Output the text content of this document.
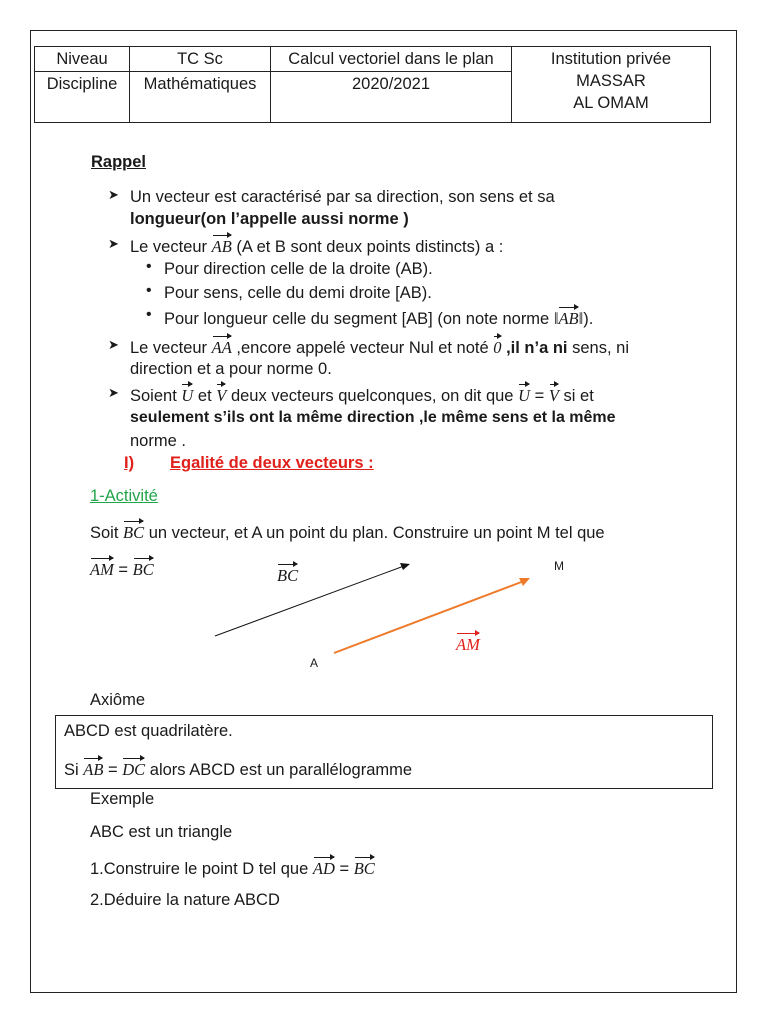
Niveau	TC Sc	Calcul vectoriel dans le plan	Institution privée
MASSAR
AL OMAM

Discipline	Mathématiques	2020/2021	
Rappel
➤ Un vecteur est caractérisé par sa direction, son sens et sa
longueur(on l’appelle aussi norme )
➤ Le vecteur AB (A et B sont deux points distincts) a :
• Pour direction celle de la droite (AB).
• Pour sens, celle du demi droite [AB).
• Pour longueur celle du segment [AB] (on note norme ‖AB‖).
➤ Le vecteur AA ,encore appelé vecteur Nul et noté 0 ,il n’a ni sens, ni
direction et a pour norme 0.
➤ Soient U et V deux vecteurs quelconques, on dit que U = V si et
seulement s’ils ont la même direction ,le même sens et la même
norme .
I) Egalité de deux vecteurs :
1-Activité
Soit BC un vecteur, et A un point du plan. Construire un point M tel que
AM = BC	BC	M
A
AM
Axiôme
ABCD est quadrilatère.
Si AB = DC alors ABCD est un parallélogramme
Exemple
ABC est un triangle
1.Construire le point D tel que AD = BC
2.Déduire la nature ABCD
